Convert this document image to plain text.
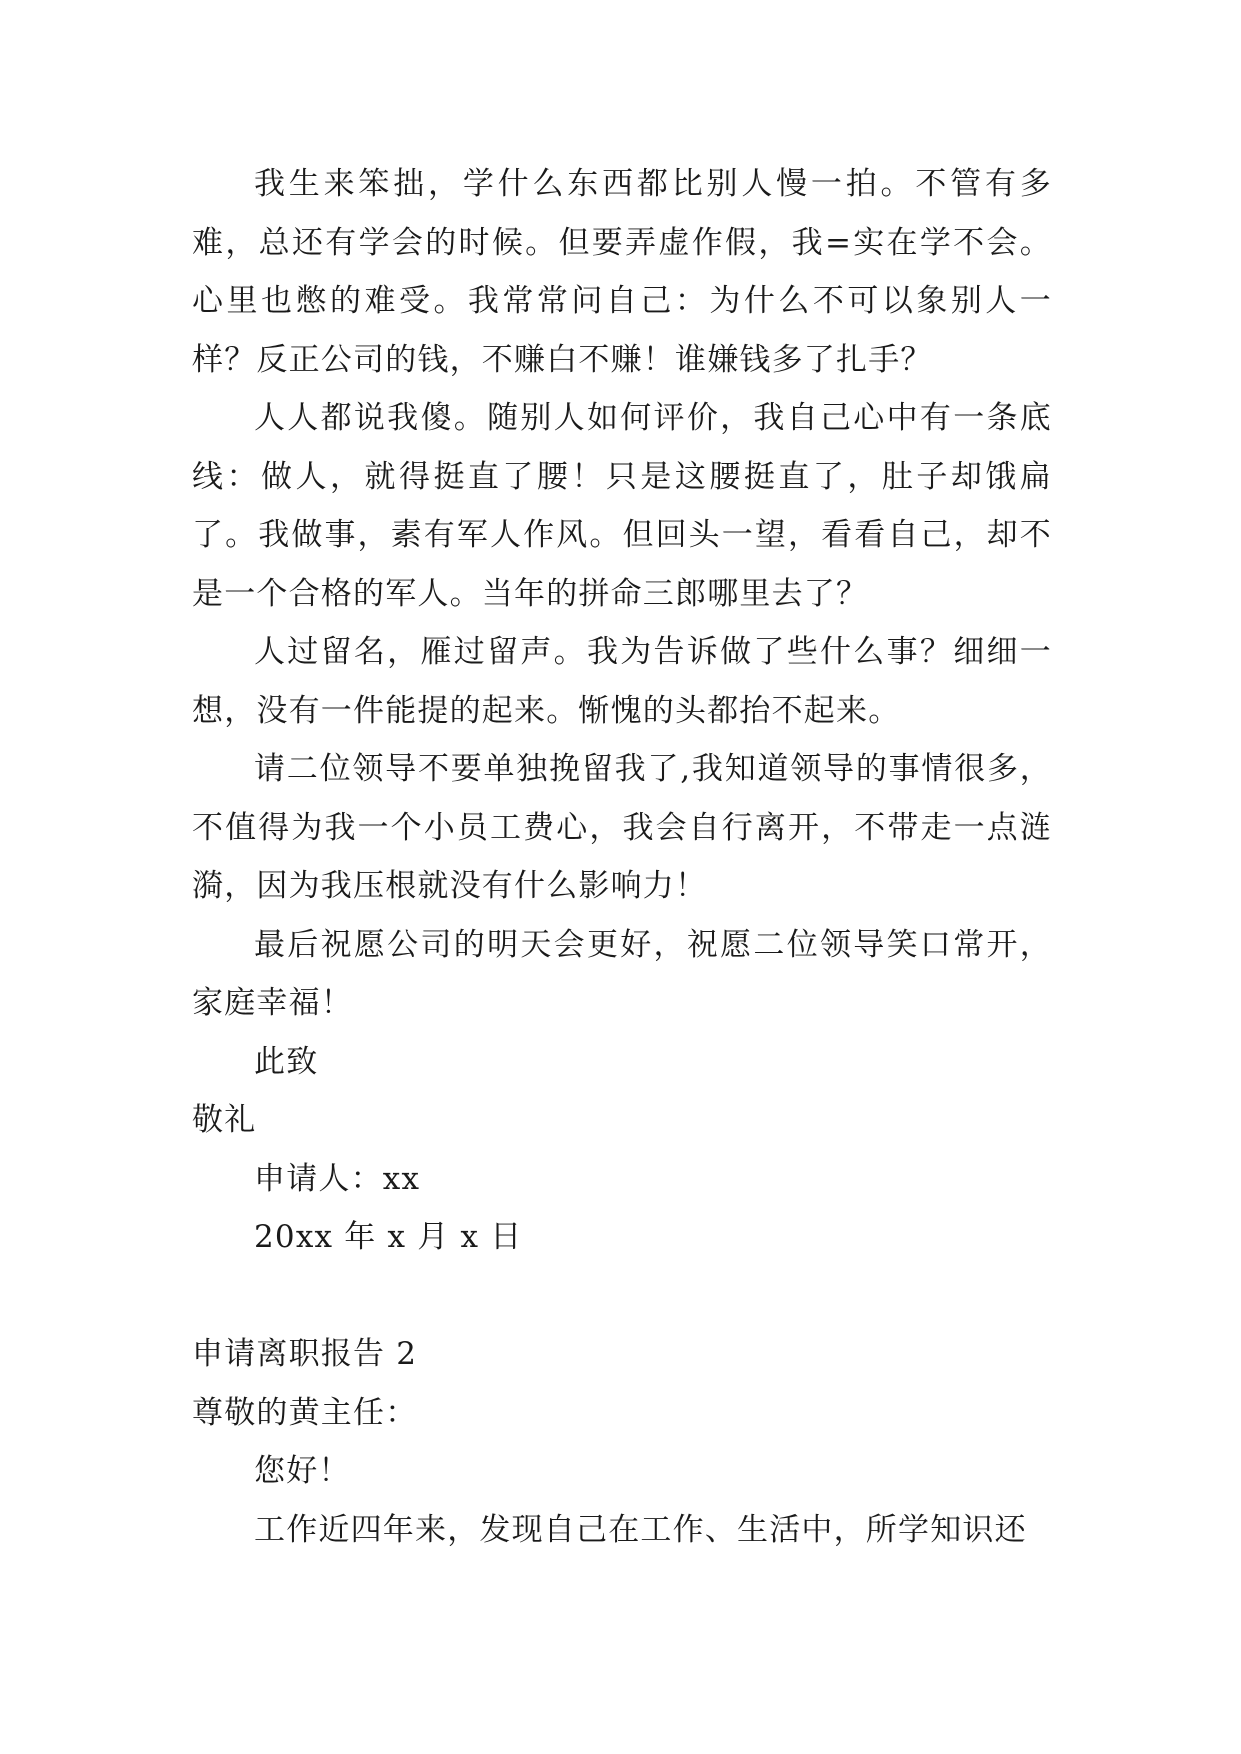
我生来笨拙，学什么东西都比别人慢一拍。不管有多难，总还有学会的时候。但要弄虚作假，我=实在学不会。心里也憋的难受。我常常问自己：为什么不可以象别人一样？反正公司的钱，不赚白不赚！谁嫌钱多了扎手？

人人都说我傻。随别人如何评价，我自己心中有一条底线：做人，就得挺直了腰！只是这腰挺直了，肚子却饿扁了。我做事，素有军人作风。但回头一望，看看自己，却不是一个合格的军人。当年的拼命三郎哪里去了？

人过留名，雁过留声。我为告诉做了些什么事？细细一想，没有一件能提的起来。惭愧的头都抬不起来。

请二位领导不要单独挽留我了,我知道领导的事情很多，不值得为我一个小员工费心，我会自行离开，不带走一点涟漪，因为我压根就没有什么影响力！

最后祝愿公司的明天会更好，祝愿二位领导笑口常开，家庭幸福！

此致

敬礼

申请人：xx

20xx 年 x 月 x 日

申请离职报告 2

尊敬的黄主任：

您好！

工作近四年来，发现自己在工作、生活中，所学知识还
